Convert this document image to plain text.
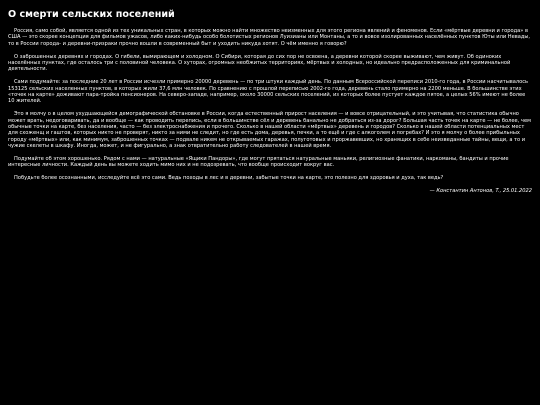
О смерти сельских поселений

Россия, само собой, является одной из тех уникальных стран, в которых можно найти множество неизменных для этого региона явлений и феноменов. Если «мёртвые деревни и города» в США — это скорее концепция для фильмов ужасов, либо каких-нибудь особо болотистых регионов Луизианы или Монтаны, а то и вовсе изолированных населённых пунктов Юты или Невады, то в России города- и деревни-призраки прочно вошли в современный быт и уходить никуда хотят. О чём именно я говорю?

О заброшенных деревнях и городах. О гибели, вымирающем и холодном. О Сибири, которая до сих пор не освоена, а деревни которой скорее выживают, чем живут. Об одиноких населённых пунктах, где осталось три с половиной человека. О хуторах, огромных необжитых территориях, мёртвых и холодных, но идеально предрасположенных для криминальной деятельности.

Сами подумайте: за последние 20 лет в России исчезли примерно 20000 деревень — по три штуки каждый день. По данным Всероссийской переписи 2010-го года, в России насчитывалось 153125 сельских населенных пунктов, в которых жили 37,6 млн человек. По сравнению с прошлой переписью 2002-го года, деревень стало примерно на 2200 меньше. В большинстве этих «точек на карте» доживают пара-тройка пенсионеров. На северо-западе, например, около 30000 сельских поселений, из которых более пустует каждое пятое, а целых 56% имеют не более 10 жителей.

Это я молчу о в целом ухудшающейся демографической обстановке в России, когда естественный прирост населения — и вовсе отрицательный, и это учитывая, что статистика обычно может врать, недоговаривать, да и вообще — как проводить перепись, если в большинстве сёл и деревень банально не добраться из-за дорог? Большая часть точек на карте — не более, чем обычные точки на карте, без населения, часто — без электроснабжения и прочего. Сколько в нашей области «мёртвых» деревень и городов? Сколько в нашей области потенциальных мест для схоженщ и гаштов, которых никто не проверят, никто за ними не следит, но где есть дома, деревья, печки, а то ещё и где с алкоголем и погребах? И это я молчу о более прибыльных городу «мёртвых» или, как минимум, заброшенных точках — подвале никем не открываемых гаражах, полуготовых и проржавевших, но хранящих в себе неизведанные тайны, вещи, а то и чужие скелеты в шкафу. Иногда, может, и не фигурально, а знак отвратительно работу следователей в нашей время.

Подумайте об этом хорошенько. Рядом с нами — натуральные «Ящики Пандоры», где могут прятаться натуральные маньяки, религиозные фанатики, наркоманы, бандиты и прочие интересные личности. Каждый день вы можете ходить мимо них и не подозревать, что вообще происходит вокруг вас.

Побудьте более осознанными, исследуйте всё это сами. Ведь походы в лес и в деревни, забытые точки на карте, это полезно для здоровья и духа, так ведь?

— Константин Антонов, T., 25.01.2022
